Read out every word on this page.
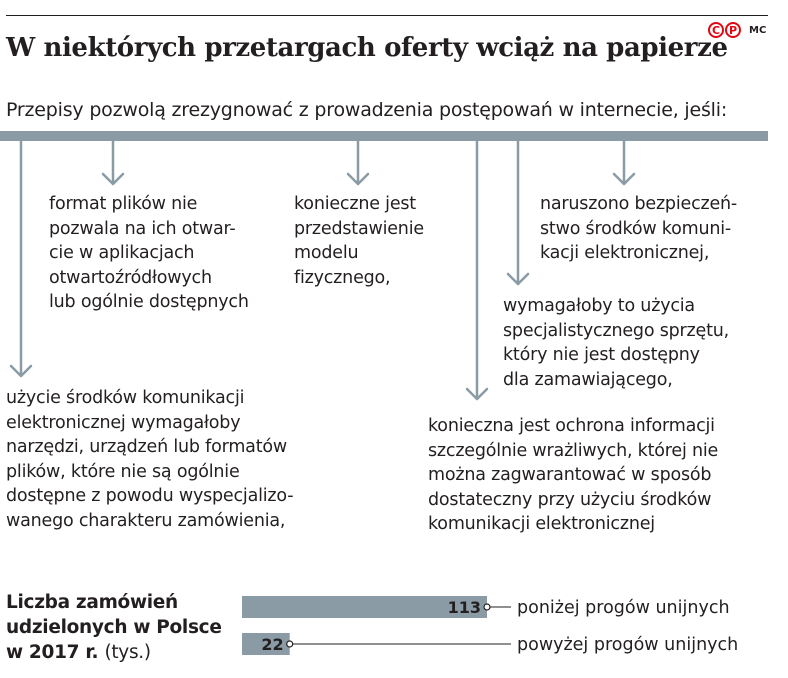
W niektórych przetargach oferty wciąż na papierze
C P	MC

Przepisy pozwolą zrezygnować z prowadzenia postępowań w internecie, jeśli:

format plików nie
pozwala na ich otwar-
cie w aplikacjach
otwartoźródłowych
lub ogólnie dostępnych

konieczne jest
przedstawienie
modelu
fizycznego,

naruszono bezpieczeń-
stwo środków komuni-
kacji elektronicznej,

wymagałoby to użycia
specjalistycznego sprzętu,
który nie jest dostępny
dla zamawiającego,

użycie środków komunikacji
elektronicznej wymagałoby
narzędzi, urządzeń lub formatów
plików, które nie są ogólnie
dostępne z powodu wyspecjalizo-
wanego charakteru zamówienia,

konieczna jest ochrona informacji
szczególnie wrażliwych, której nie
można zagwarantować w sposób
dostateczny przy użyciu środków
komunikacji elektronicznej

Liczba zamówień
udzielonych w Polsce
w 2017 r. (tys.)

113 poniżej progów unijnych
22	powyżej progów unijnych
